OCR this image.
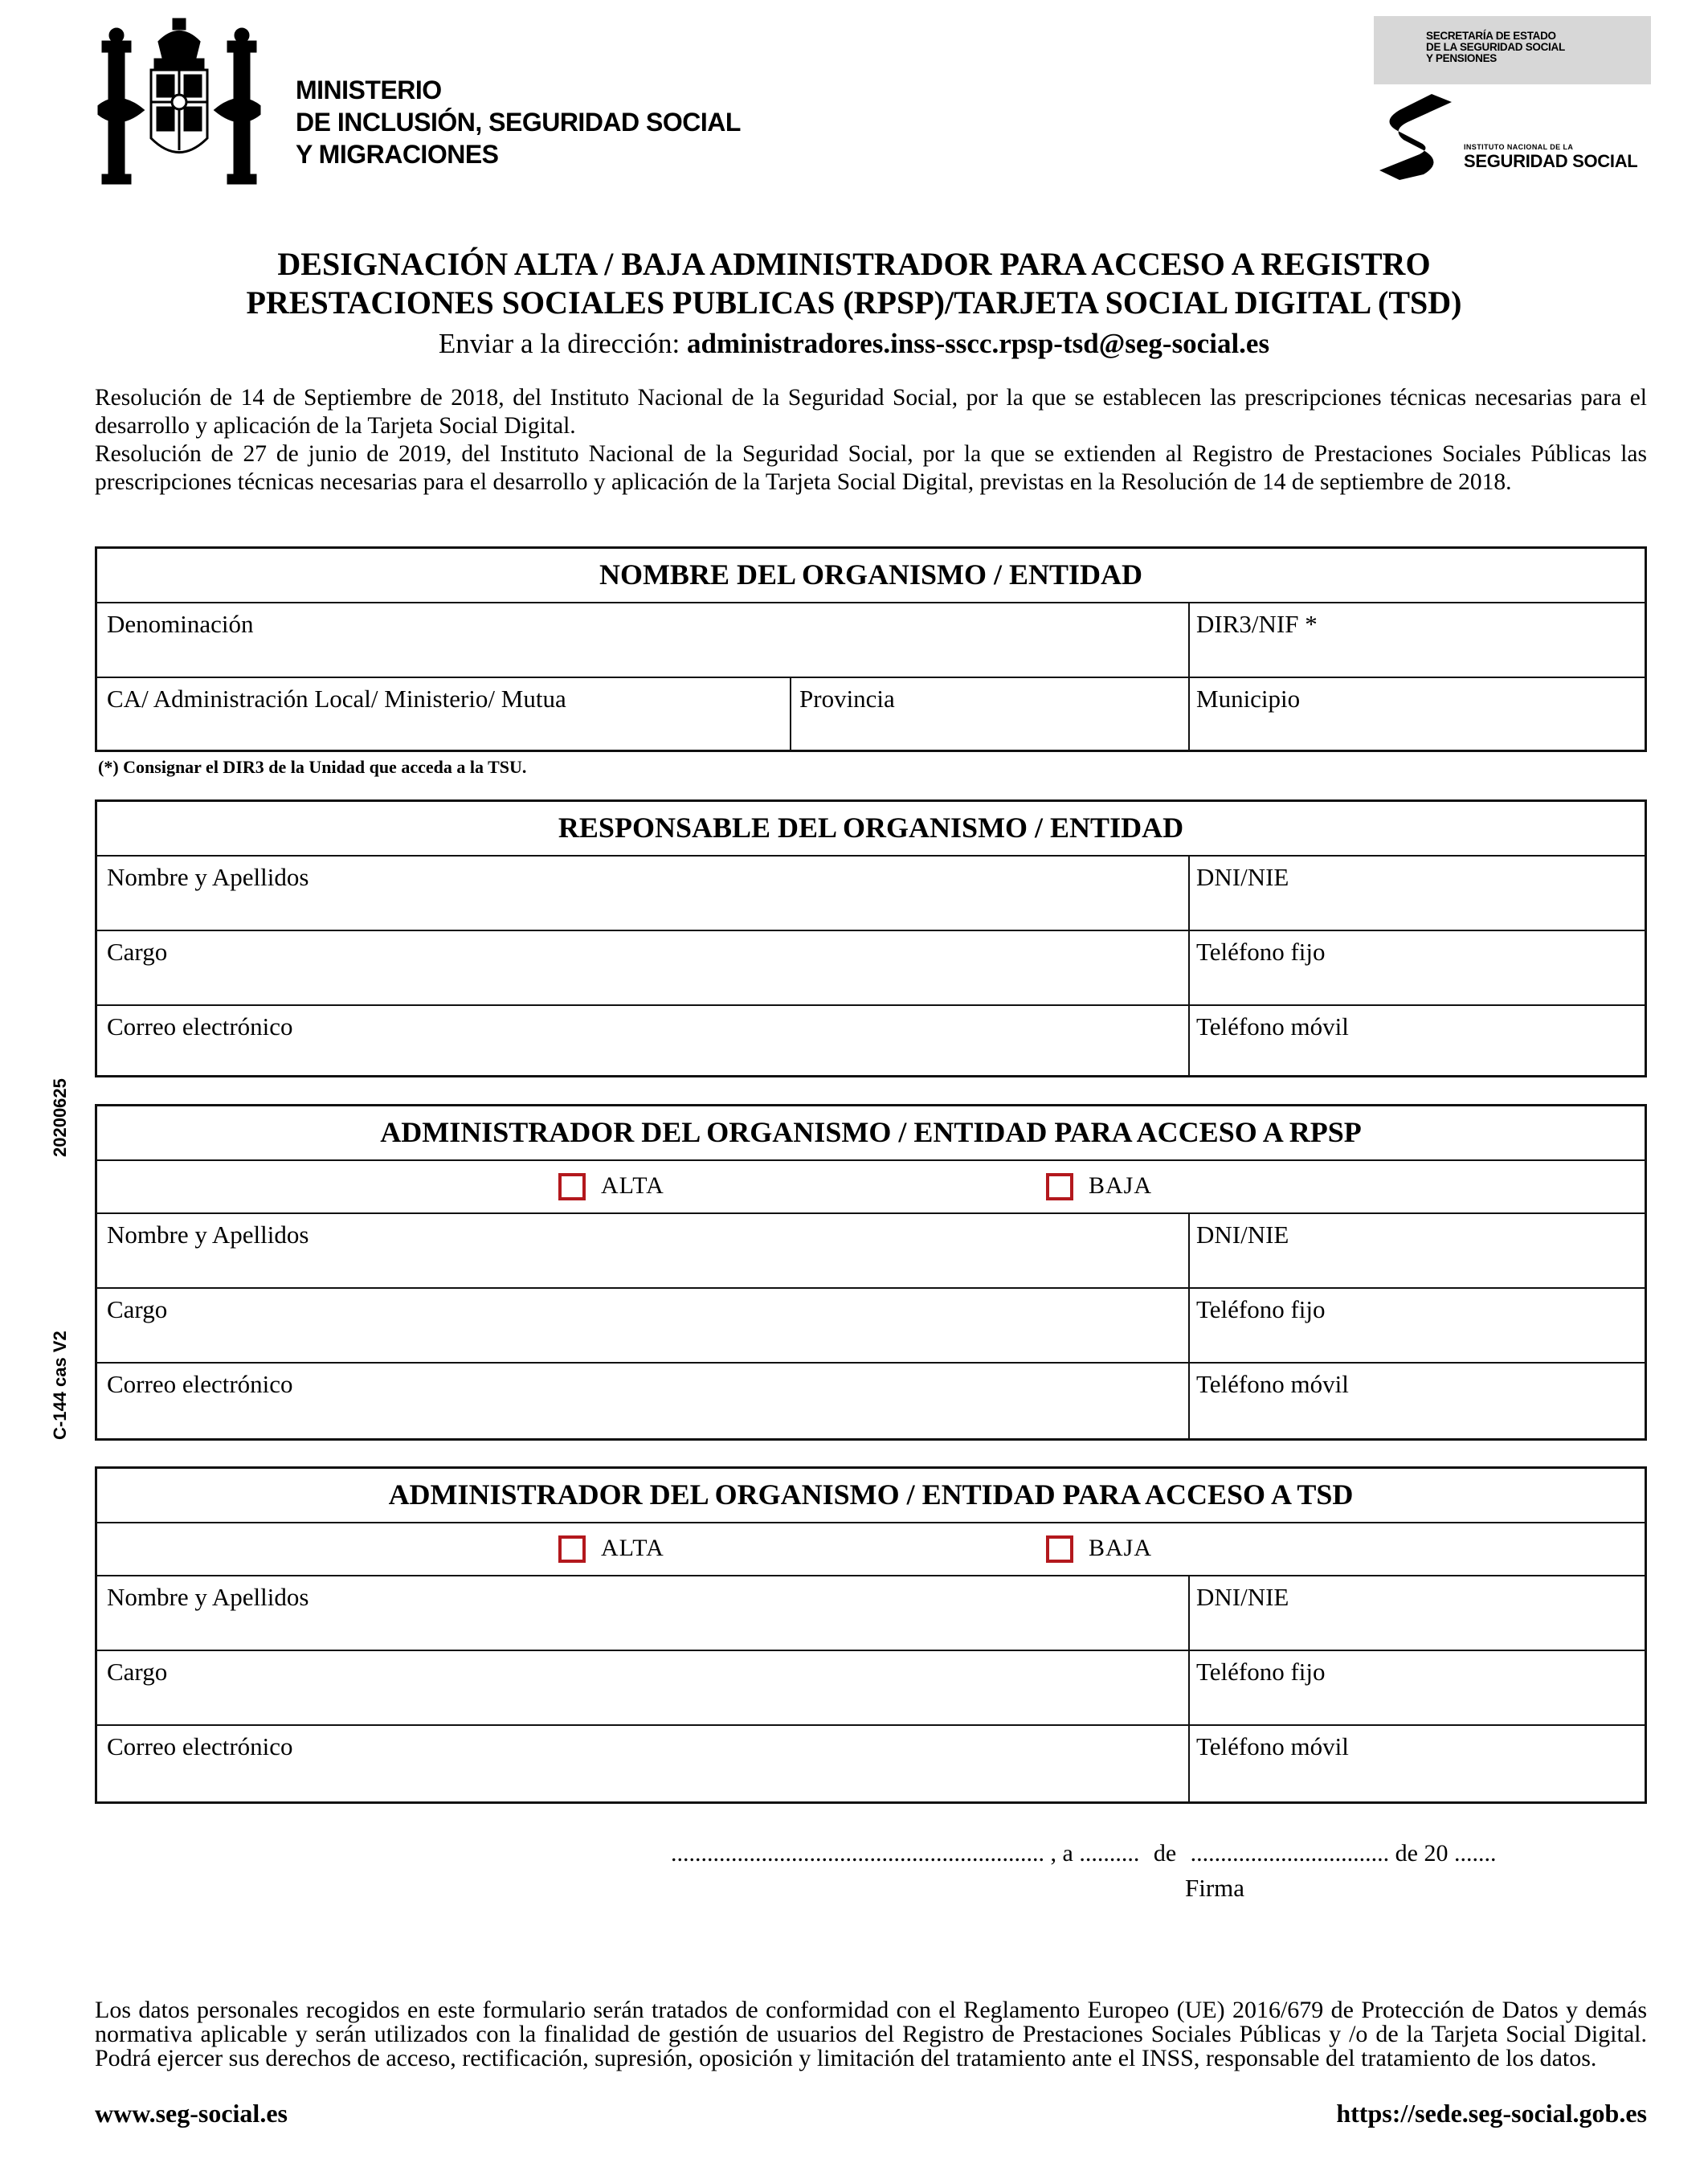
MINISTERIO
DE INCLUSIÓN, SEGURIDAD SOCIAL
Y MIGRACIONES
SECRETARÍA DE ESTADO
DE LA SEGURIDAD SOCIAL
Y PENSIONES
INSTITUTO NACIONAL DE LA
SEGURIDAD SOCIAL
DESIGNACIÓN ALTA / BAJA ADMINISTRADOR PARA ACCESO A REGISTRO
PRESTACIONES SOCIALES PUBLICAS (RPSP)/TARJETA SOCIAL DIGITAL (TSD)
Enviar a la dirección: administradores.inss-sscc.rpsp-tsd@seg-social.es

Resolución de 14 de Septiembre de 2018, del Instituto Nacional de la Seguridad Social, por la que se establecen las prescripciones técnicas necesarias para el desarrollo y aplicación de la Tarjeta Social Digital.

Resolución de 27 de junio de 2019, del Instituto Nacional de la Seguridad Social, por la que se extienden al Registro de Prestaciones Sociales Públicas las prescripciones técnicas necesarias para el desarrollo y aplicación de la Tarjeta Social Digital, previstas en la Resolución de 14 de septiembre de 2018.

NOMBRE DEL ORGANISMO / ENTIDAD
Denominación	DIR3/NIF *
CA/ Administración Local/ Ministerio/ Mutua	Provincia	Municipio
(*) Consignar el DIR3 de la Unidad que acceda a la TSU.
RESPONSABLE DEL ORGANISMO / ENTIDAD
Nombre y Apellidos	DNI/NIE
Cargo	Teléfono fijo
Correo electrónico	Teléfono móvil
ADMINISTRADOR DEL ORGANISMO / ENTIDAD PARA ACCESO A RPSP
ALTA	BAJA
Nombre y Apellidos	DNI/NIE
Cargo	Teléfono fijo
Correo electrónico	Teléfono móvil
ADMINISTRADOR DEL ORGANISMO / ENTIDAD PARA ACCESO A TSD
ALTA	BAJA
Nombre y Apellidos	DNI/NIE
Cargo	Teléfono fijo
Correo electrónico	Teléfono móvil
20200625
C-144 cas V2
.............................................................. , a .......... de ................................. de 20 .......
Firma
Los datos personales recogidos en este formulario serán tratados de conformidad con el Reglamento Europeo (UE) 2016/679 de Protección de Datos y demás normativa aplicable y serán utilizados con la finalidad de gestión de usuarios del Registro de Prestaciones Sociales Públicas y /o de la Tarjeta Social Digital. Podrá ejercer sus derechos de acceso, rectificación, supresión, oposición y limitación del tratamiento ante el INSS, responsable del tratamiento de los datos.
www.seg-social.es	https://sede.seg-social.gob.es
